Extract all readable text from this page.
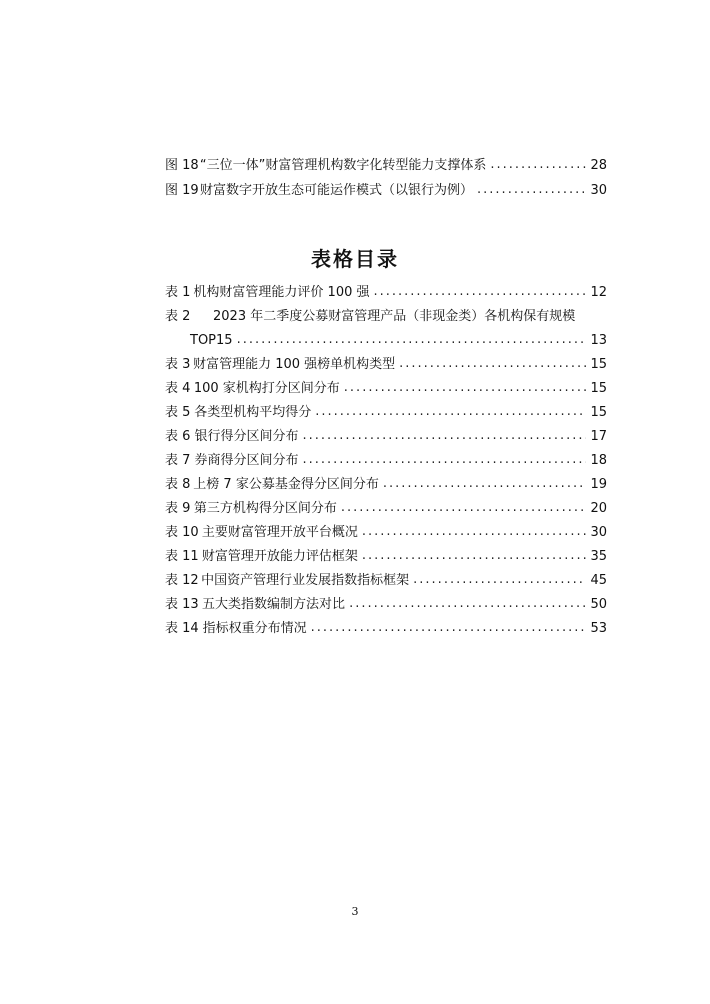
图 18 “三位一体”财富管理机构数字化转型能力支撑体系 .....	28
图 19 财富数字开放生态可能运作模式（以银行为例） .....	30
表格目录
表 1 机构财富管理能力评价 100 强 .....	12
表 2 2023 年二季度公募财富管理产品（非现金类）各机构保有规模
TOP15 .....	13
表 3 财富管理能力 100 强榜单机构类型 .....	15
表 4 100 家机构打分区间分布 .....	15
表 5 各类型机构平均得分 .....	15
表 6 银行得分区间分布 .....	17
表 7 券商得分区间分布 .....	18
表 8 上榜 7 家公募基金得分区间分布 .....	19
表 9 第三方机构得分区间分布 .....	20
表 10 主要财富管理开放平台概况 .....	30
表 11 财富管理开放能力评估框架 .....	35
表 12 中国资产管理行业发展指数指标框架 .....	45
表 13 五大类指数编制方法对比 .....	50
表 14 指标权重分布情况 .....	53
3
